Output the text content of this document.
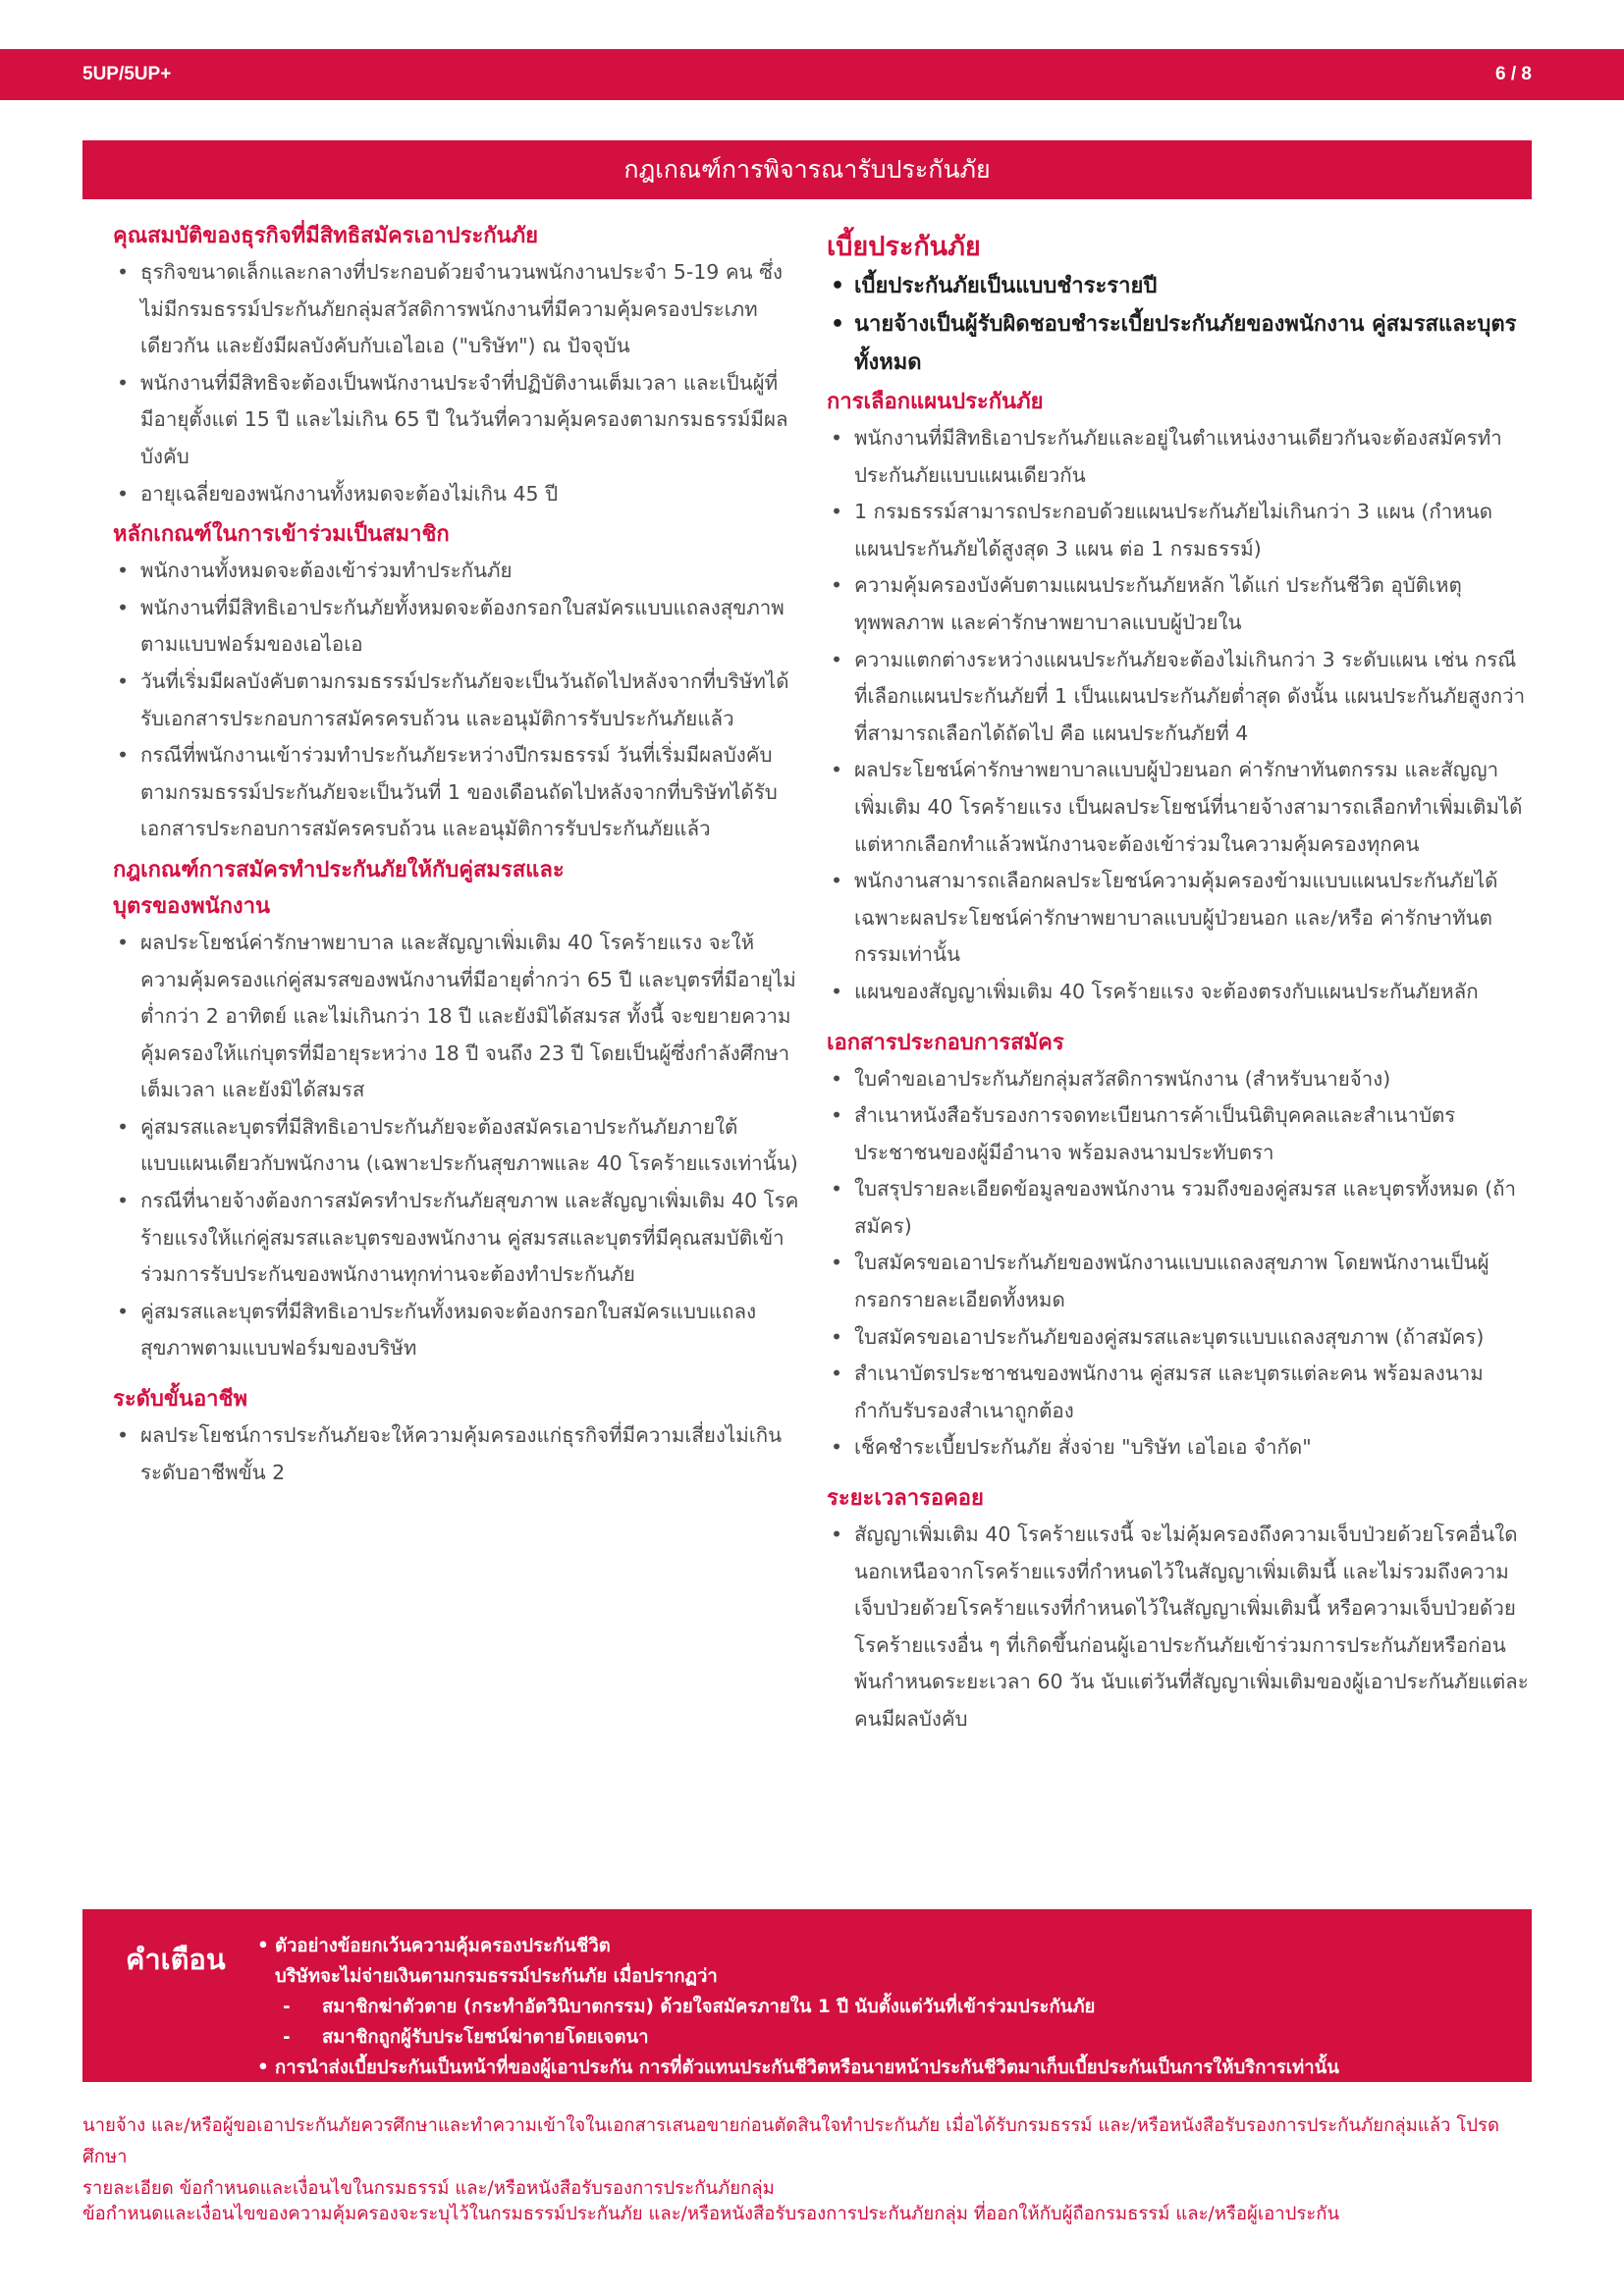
5UP/5UP+	6 / 8
กฎเกณฑ์การพิจารณารับประกันภัย

คุณสมบัติของธุรกิจที่มีสิทธิสมัครเอาประกันภัย

• ธุรกิจขนาดเล็กและกลางที่ประกอบด้วยจำนวนพนักงานประจำ 5-19 คน ซึ่งไม่มีกรมธรรม์ประกันภัยกลุ่มสวัสดิการพนักงานที่มีความคุ้มครองประเภทเดียวกัน และยังมีผลบังคับกับเอไอเอ ("บริษัท") ณ ปัจจุบัน
• พนักงานที่มีสิทธิจะต้องเป็นพนักงานประจำที่ปฏิบัติงานเต็มเวลา และเป็นผู้ที่มีอายุตั้งแต่ 15 ปี และไม่เกิน 65 ปี ในวันที่ความคุ้มครองตามกรมธรรม์มีผลบังคับ
• อายุเฉลี่ยของพนักงานทั้งหมดจะต้องไม่เกิน 45 ปี

หลักเกณฑ์ในการเข้าร่วมเป็นสมาชิก

• พนักงานทั้งหมดจะต้องเข้าร่วมทำประกันภัย
• พนักงานที่มีสิทธิเอาประกันภัยทั้งหมดจะต้องกรอกใบสมัครแบบแถลงสุขภาพตามแบบฟอร์มของเอไอเอ
• วันที่เริ่มมีผลบังคับตามกรมธรรม์ประกันภัยจะเป็นวันถัดไปหลังจากที่บริษัทได้รับเอกสารประกอบการสมัครครบถ้วน และอนุมัติการรับประกันภัยแล้ว
• กรณีที่พนักงานเข้าร่วมทำประกันภัยระหว่างปีกรมธรรม์ วันที่เริ่มมีผลบังคับตามกรมธรรม์ประกันภัยจะเป็นวันที่ 1 ของเดือนถัดไปหลังจากที่บริษัทได้รับเอกสารประกอบการสมัครครบถ้วน และอนุมัติการรับประกันภัยแล้ว

กฎเกณฑ์การสมัครทำประกันภัยให้กับคู่สมรสและ

บุตรของพนักงาน

• ผลประโยชน์ค่ารักษาพยาบาล และสัญญาเพิ่มเติม 40 โรคร้ายแรง จะให้ความคุ้มครองแก่คู่สมรสของพนักงานที่มีอายุต่ำกว่า 65 ปี และบุตรที่มีอายุไม่ต่ำกว่า 2 อาทิตย์ และไม่เกินกว่า 18 ปี และยังมิได้สมรส ทั้งนี้ จะขยายความคุ้มครองให้แก่บุตรที่มีอายุระหว่าง 18 ปี จนถึง 23 ปี โดยเป็นผู้ซึ่งกำลังศึกษาเต็มเวลา และยังมิได้สมรส
• คู่สมรสและบุตรที่มีสิทธิเอาประกันภัยจะต้องสมัครเอาประกันภัยภายใต้แบบแผนเดียวกับพนักงาน (เฉพาะประกันสุขภาพและ 40 โรคร้ายแรงเท่านั้น)
• กรณีที่นายจ้างต้องการสมัครทำประกันภัยสุขภาพ และสัญญาเพิ่มเติม 40 โรคร้ายแรงให้แก่คู่สมรสและบุตรของพนักงาน คู่สมรสและบุตรที่มีคุณสมบัติเข้าร่วมการรับประกันของพนักงานทุกท่านจะต้องทำประกันภัย
• คู่สมรสและบุตรที่มีสิทธิเอาประกันทั้งหมดจะต้องกรอกใบสมัครแบบแถลงสุขภาพตามแบบฟอร์มของบริษัท

ระดับขั้นอาชีพ

• ผลประโยชน์การประกันภัยจะให้ความคุ้มครองแก่ธุรกิจที่มีความเสี่ยงไม่เกินระดับอาชีพขั้น 2

เบี้ยประกันภัย

• เบี้ยประกันภัยเป็นแบบชำระรายปี
• นายจ้างเป็นผู้รับผิดชอบชำระเบี้ยประกันภัยของพนักงาน คู่สมรสและบุตรทั้งหมด

การเลือกแผนประกันภัย

• พนักงานที่มีสิทธิเอาประกันภัยและอยู่ในตำแหน่งงานเดียวกันจะต้องสมัครทำประกันภัยแบบแผนเดียวกัน
• 1 กรมธรรม์สามารถประกอบด้วยแผนประกันภัยไม่เกินกว่า 3 แผน (กำหนดแผนประกันภัยได้สูงสุด 3 แผน ต่อ 1 กรมธรรม์)
• ความคุ้มครองบังคับตามแผนประกันภัยหลัก ได้แก่ ประกันชีวิต อุบัติเหตุ ทุพพลภาพ และค่ารักษาพยาบาลแบบผู้ป่วยใน
• ความแตกต่างระหว่างแผนประกันภัยจะต้องไม่เกินกว่า 3 ระดับแผน เช่น กรณีที่เลือกแผนประกันภัยที่ 1 เป็นแผนประกันภัยต่ำสุด ดังนั้น แผนประกันภัยสูงกว่าที่สามารถเลือกได้ถัดไป คือ แผนประกันภัยที่ 4
• ผลประโยชน์ค่ารักษาพยาบาลแบบผู้ป่วยนอก ค่ารักษาทันตกรรม และสัญญาเพิ่มเติม 40 โรคร้ายแรง เป็นผลประโยชน์ที่นายจ้างสามารถเลือกทำเพิ่มเติมได้ แต่หากเลือกทำแล้วพนักงานจะต้องเข้าร่วมในความคุ้มครองทุกคน
• พนักงานสามารถเลือกผลประโยชน์ความคุ้มครองข้ามแบบแผนประกันภัยได้เฉพาะผลประโยชน์ค่ารักษาพยาบาลแบบผู้ป่วยนอก และ/หรือ ค่ารักษาทันตกรรมเท่านั้น
• แผนของสัญญาเพิ่มเติม 40 โรคร้ายแรง จะต้องตรงกับแผนประกันภัยหลัก

เอกสารประกอบการสมัคร

• ใบคำขอเอาประกันภัยกลุ่มสวัสดิการพนักงาน (สำหรับนายจ้าง)
• สำเนาหนังสือรับรองการจดทะเบียนการค้าเป็นนิติบุคคลและสำเนาบัตรประชาชนของผู้มีอำนาจ พร้อมลงนามประทับตรา
• ใบสรุปรายละเอียดข้อมูลของพนักงาน รวมถึงของคู่สมรส และบุตรทั้งหมด (ถ้าสมัคร)
• ใบสมัครขอเอาประกันภัยของพนักงานแบบแถลงสุขภาพ โดยพนักงานเป็นผู้กรอกรายละเอียดทั้งหมด
• ใบสมัครขอเอาประกันภัยของคู่สมรสและบุตรแบบแถลงสุขภาพ (ถ้าสมัคร)
• สำเนาบัตรประชาชนของพนักงาน คู่สมรส และบุตรแต่ละคน พร้อมลงนามกำกับรับรองสำเนาถูกต้อง
• เช็คชำระเบี้ยประกันภัย สั่งจ่าย "บริษัท เอไอเอ จำกัด"

ระยะเวลารอคอย

• สัญญาเพิ่มเติม 40 โรคร้ายแรงนี้ จะไม่คุ้มครองถึงความเจ็บป่วยด้วยโรคอื่นใดนอกเหนือจากโรคร้ายแรงที่กำหนดไว้ในสัญญาเพิ่มเติมนี้ และไม่รวมถึงความเจ็บป่วยด้วยโรคร้ายแรงที่กำหนดไว้ในสัญญาเพิ่มเติมนี้ หรือความเจ็บป่วยด้วยโรคร้ายแรงอื่น ๆ ที่เกิดขึ้นก่อนผู้เอาประกันภัยเข้าร่วมการประกันภัยหรือก่อนพ้นกำหนดระยะเวลา 60 วัน นับแต่วันที่สัญญาเพิ่มเติมของผู้เอาประกันภัยแต่ละคนมีผลบังคับ
คำเตือน • ตัวอย่างข้อยกเว้นความคุ้มครองประกันชีวิต
บริษัทจะไม่จ่ายเงินตามกรมธรรม์ประกันภัย เมื่อปรากฏว่า
- สมาชิกฆ่าตัวตาย (กระทำอัตวินิบาตกรรม) ด้วยใจสมัครภายใน 1 ปี นับตั้งแต่วันที่เข้าร่วมประกันภัย
- สมาชิกถูกผู้รับประโยชน์ฆ่าตายโดยเจตนา
• การนำส่งเบี้ยประกันเป็นหน้าที่ของผู้เอาประกัน การที่ตัวแทนประกันชีวิตหรือนายหน้าประกันชีวิตมาเก็บเบี้ยประกันเป็นการให้บริการเท่านั้น
นายจ้าง และ/หรือผู้ขอเอาประกันภัยควรศึกษาและทำความเข้าใจในเอกสารเสนอขายก่อนตัดสินใจทำประกันภัย เมื่อได้รับกรมธรรม์ และ/หรือหนังสือรับรองการประกันภัยกลุ่มแล้ว โปรดศึกษา
รายละเอียด ข้อกำหนดและเงื่อนไขในกรมธรรม์ และ/หรือหนังสือรับรองการประกันภัยกลุ่ม
ข้อกำหนดและเงื่อนไขของความคุ้มครองจะระบุไว้ในกรมธรรม์ประกันภัย และ/หรือหนังสือรับรองการประกันภัยกลุ่ม ที่ออกให้กับผู้ถือกรมธรรม์ และ/หรือผู้เอาประกัน
